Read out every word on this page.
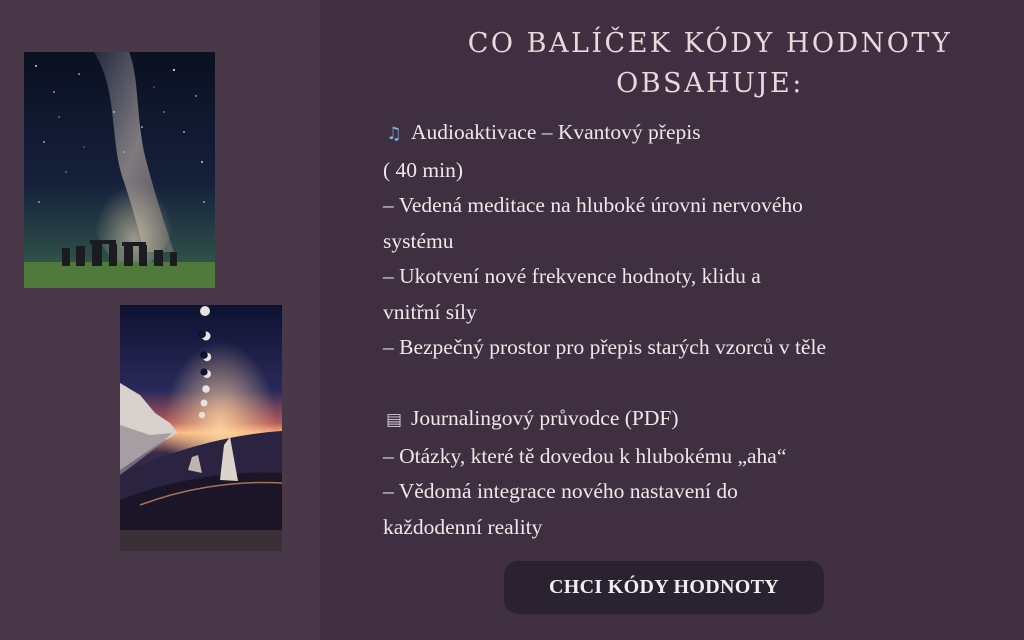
CO BALÍČEK KÓDY HODNOTY
OBSAHUJE:
♫ Audioaktivace – Kvantový přepis
( 40 min)
– Vedená meditace na hluboké úrovni nervového
systému
– Ukotvení nové frekvence hodnoty, klidu a
vnitřní síly
– Bezpečný prostor pro přepis starých vzorců v těle
▤ Journalingový průvodce (PDF)
– Otázky, které tě dovedou k hlubokému „aha“
– Vědomá integrace nového nastavení do
každodenní reality
CHCI KÓDY HODNOTY
